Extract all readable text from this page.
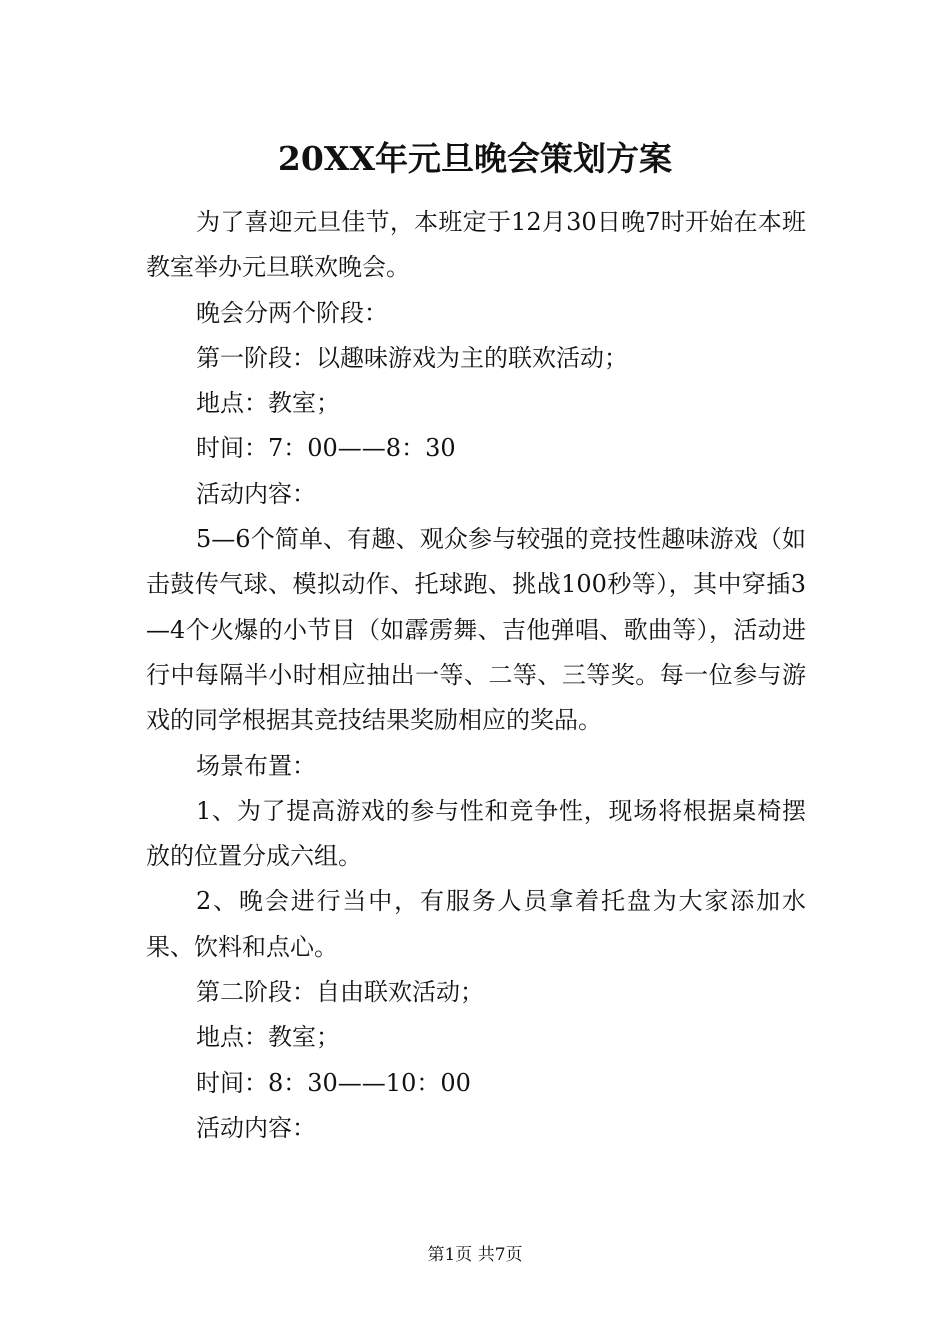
20XX年元旦晚会策划方案

为了喜迎元旦佳节，本班定于12月30日晚7时开始在本班教室举办元旦联欢晚会。

晚会分两个阶段：

第一阶段：以趣味游戏为主的联欢活动；

地点：教室；

时间：7：00——8：30

活动内容：

5—6个简单、有趣、观众参与较强的竞技性趣味游戏（如击鼓传气球、模拟动作、托球跑、挑战100秒等），其中穿插3—4个火爆的小节目（如霹雳舞、吉他弹唱、歌曲等），活动进行中每隔半小时相应抽出一等、二等、三等奖。每一位参与游戏的同学根据其竞技结果奖励相应的奖品。

场景布置：

1、为了提高游戏的参与性和竞争性，现场将根据桌椅摆放的位置分成六组。

2、晚会进行当中，有服务人员拿着托盘为大家添加水果、饮料和点心。

第二阶段：自由联欢活动；

地点：教室；

时间：8：30——10：00

活动内容：

第1页 共7页
